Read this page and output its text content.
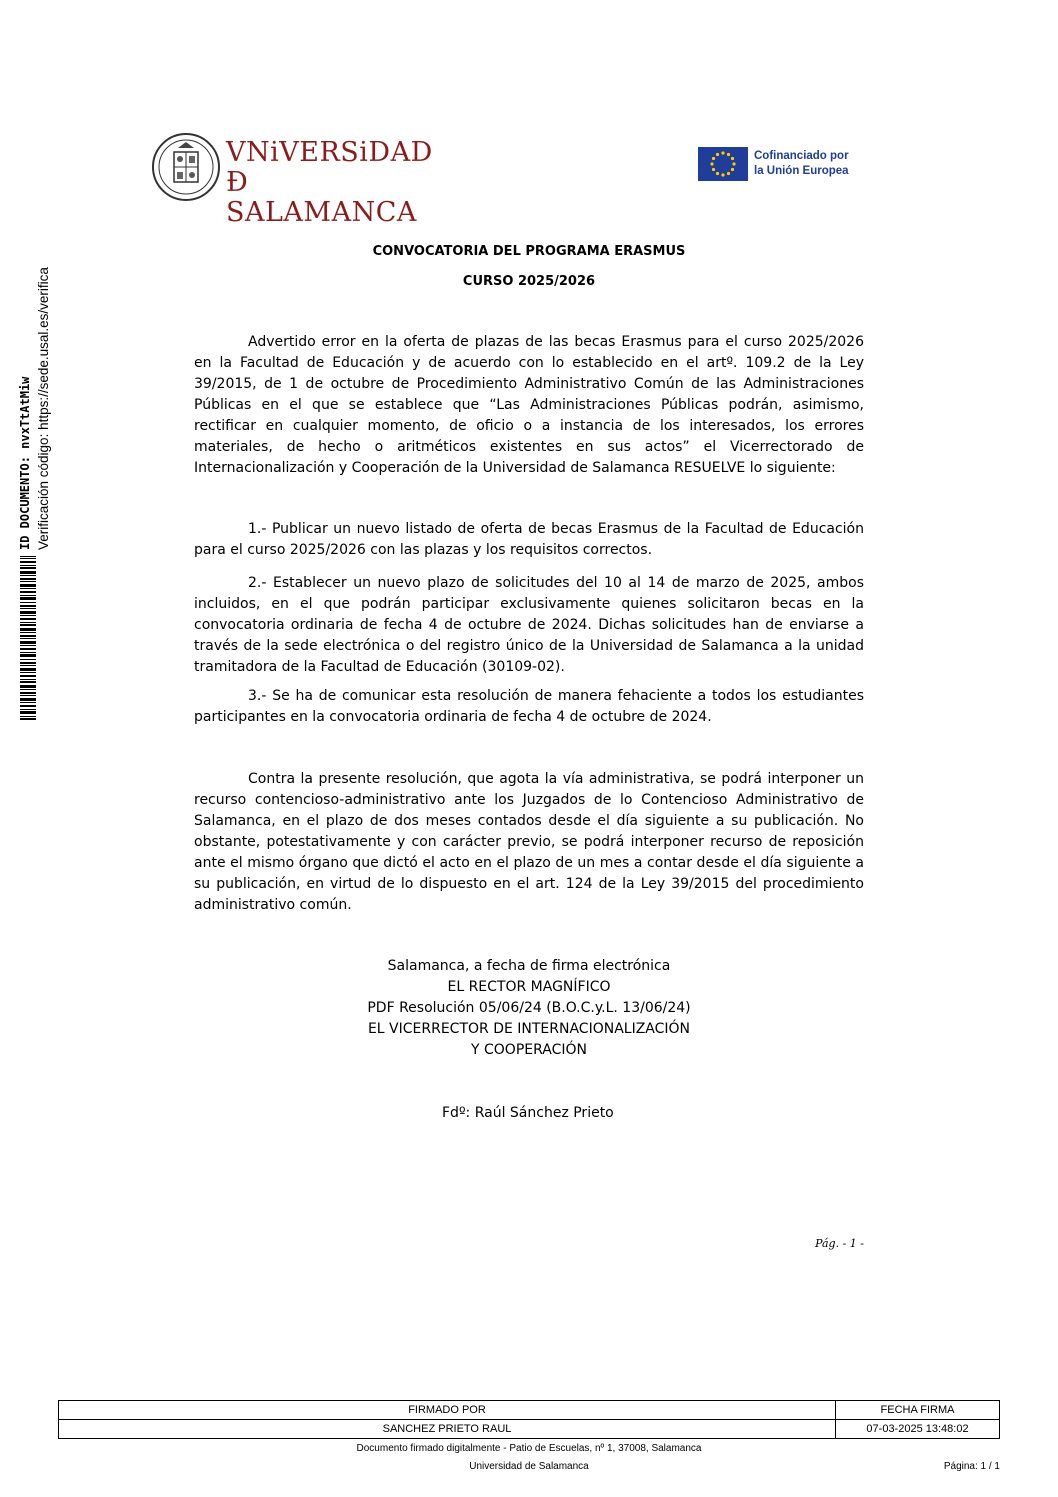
VNiVERSiDAD
Ð SALAMANCA
Cofinanciado por
la Unión Europea
ID DOCUMENTO: nvxTtAtMiw Verificación código: https://sede.usal.es/verifica
CONVOCATORIA DEL PROGRAMA ERASMUS
CURSO 2025/2026

Advertido error en la oferta de plazas de las becas Erasmus para el curso 2025/2026 en la Facultad de Educación y de acuerdo con lo establecido en el artº. 109.2 de la Ley 39/2015, de 1 de octubre de Procedimiento Administrativo Común de las Administraciones Públicas en el que se establece que “Las Administraciones Públicas podrán, asimismo, rectificar en cualquier momento, de oficio o a instancia de los interesados, los errores materiales, de hecho o aritméticos existentes en sus actos” el Vicerrectorado de Internacionalización y Cooperación de la Universidad de Salamanca RESUELVE lo siguiente:

1.- Publicar un nuevo listado de oferta de becas Erasmus de la Facultad de Educación para el curso 2025/2026 con las plazas y los requisitos correctos.

2.- Establecer un nuevo plazo de solicitudes del 10 al 14 de marzo de 2025, ambos incluidos, en el que podrán participar exclusivamente quienes solicitaron becas en la convocatoria ordinaria de fecha 4 de octubre de 2024. Dichas solicitudes han de enviarse a través de la sede electrónica o del registro único de la Universidad de Salamanca a la unidad tramitadora de la Facultad de Educación (30109-02).

3.- Se ha de comunicar esta resolución de manera fehaciente a todos los estudiantes participantes en la convocatoria ordinaria de fecha 4 de octubre de 2024.

Contra la presente resolución, que agota la vía administrativa, se podrá interponer un recurso contencioso-administrativo ante los Juzgados de lo Contencioso Administrativo de Salamanca, en el plazo de dos meses contados desde el día siguiente a su publicación. No obstante, potestativamente y con carácter previo, se podrá interponer recurso de reposición ante el mismo órgano que dictó el acto en el plazo de un mes a contar desde el día siguiente a su publicación, en virtud de lo dispuesto en el art. 124 de la Ley 39/2015 del procedimiento administrativo común.

Salamanca, a fecha de firma electrónica
EL RECTOR MAGNÍFICO
PDF Resolución 05/06/24 (B.O.C.y.L. 13/06/24)
EL VICERRECTOR DE INTERNACIONALIZACIÓN
Y COOPERACIÓN
Fdº: Raúl Sánchez Prieto
Pág. - 1 -
FIRMADO POR	FECHA FIRMA
SANCHEZ PRIETO RAUL	07-03-2025 13:48:02
Documento firmado digitalmente - Patio de Escuelas, nº 1, 37008, Salamanca
Universidad de Salamanca	Página: 1 / 1
